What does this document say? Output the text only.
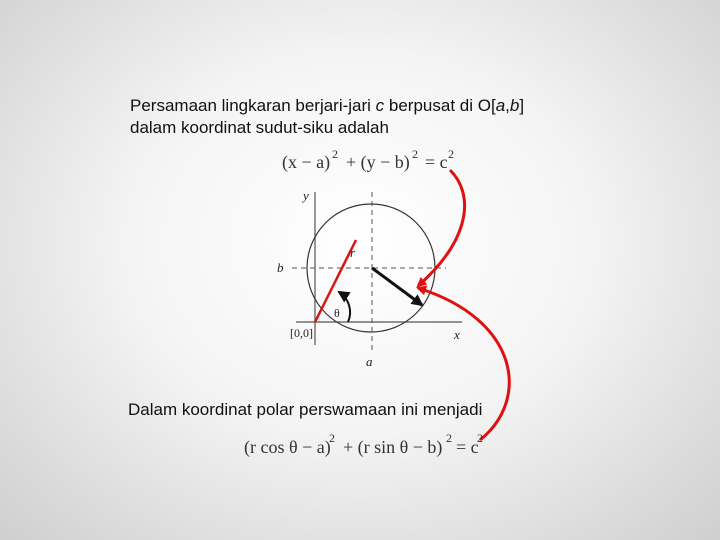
Persamaan lingkaran berjari-jari c berpusat di O[a,b]
dalam koordinat sudut-siku adalah
(x − a) 2 + (y − b) 2 = c 2
y
b
r
θ
[0,0]	x
a
(r cos θ − a)
2 + (r sin θ − b) 2 = c
2
Dalam koordinat polar perswamaan ini menjadi
